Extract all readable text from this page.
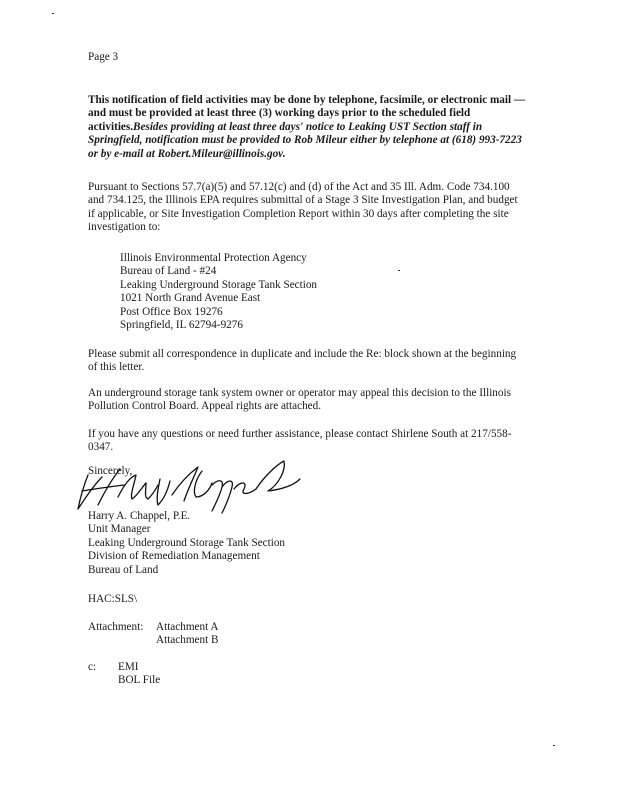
Page 3
This notification of field activities may be done by telephone, facsimile, or electronic mail —
and must be provided at least three (3) working days prior to the scheduled field
activities.Besides providing at least three days' notice to Leaking UST Section staff in
Springfield, notification must be provided to Rob Mileur either by telephone at (618) 993-7223
or by e-mail at Robert.Mileur@illinois.gov.
Pursuant to Sections 57.7(a)(5) and 57.12(c) and (d) of the Act and 35 Ill. Adm. Code 734.100
and 734.125, the Illinois EPA requires submittal of a Stage 3 Site Investigation Plan, and budget
if applicable, or Site Investigation Completion Report within 30 days after completing the site
investigation to:
Illinois Environmental Protection Agency
Bureau of Land - #24
Leaking Underground Storage Tank Section
1021 North Grand Avenue East
Post Office Box 19276
Springfield, IL 62794-9276
Please submit all correspondence in duplicate and include the Re: block shown at the beginning
of this letter.
An underground storage tank system owner or operator may appeal this decision to the Illinois
Pollution Control Board. Appeal rights are attached.
If you have any questions or need further assistance, please contact Shirlene South at 217/558-
0347.
Sincerely,
Harry A. Chappel, P.E.
Unit Manager
Leaking Underground Storage Tank Section
Division of Remediation Management
Bureau of Land
HAC:SLS\
Attachment: Attachment A
Attachment B
c: EMI
BOL File
